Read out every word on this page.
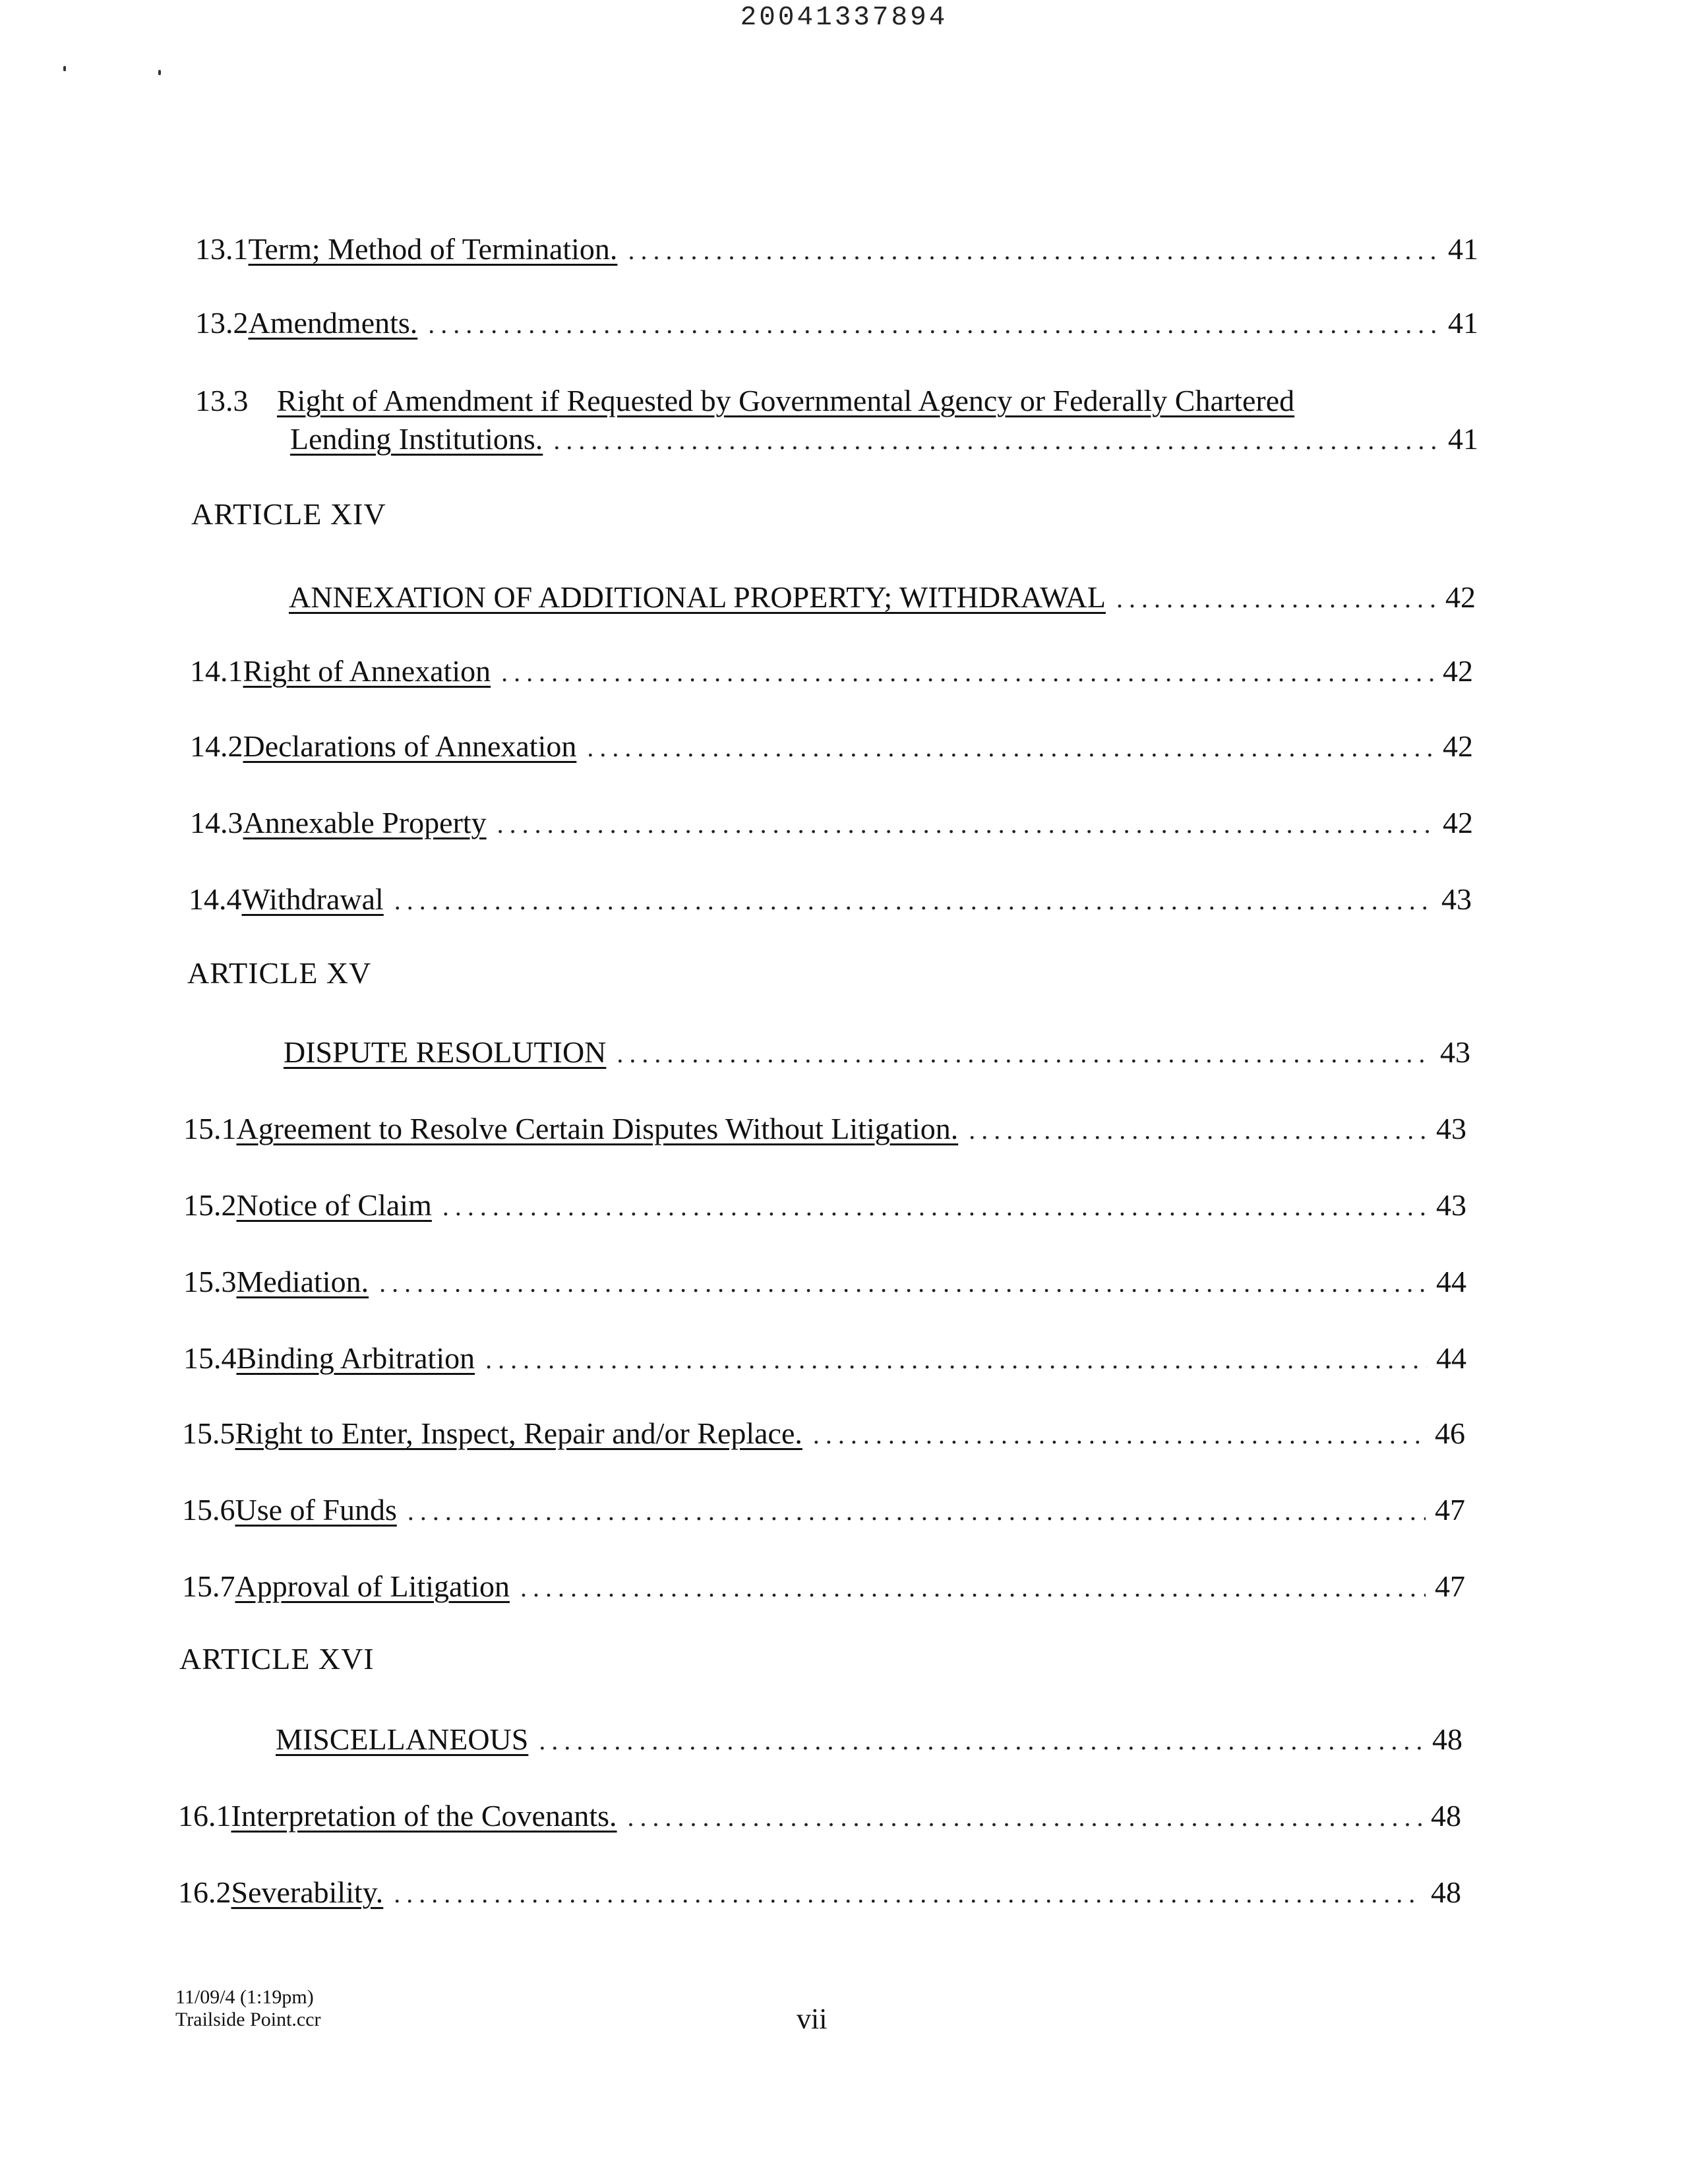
20041337894
13.1 Term; Method of Termination. .....	41
13.2 Amendments. .....	41
13.3 Right of Amendment if Requested by Governmental Agency or Federally Chartered
Lending Institutions. .....	41
ARTICLE XIV
ANNEXATION OF ADDITIONAL PROPERTY; WITHDRAWAL .....	42
14.1 Right of Annexation .....	42
14.2 Declarations of Annexation .....	42
14.3 Annexable Property .....	42
14.4 Withdrawal .....	43
ARTICLE XV
DISPUTE RESOLUTION .....	43
15.1 Agreement to Resolve Certain Disputes Without Litigation. .....	43
15.2 Notice of Claim .....	43
15.3 Mediation. .....	44
15.4 Binding Arbitration .....	44
15.5 Right to Enter, Inspect, Repair and/or Replace. .....	46
15.6 Use of Funds .....	47
15.7 Approval of Litigation .....	47
ARTICLE XVI
MISCELLANEOUS .....	48
16.1 Interpretation of the Covenants. .....	48
16.2 Severability. .....	48
11/09/4 (1:19pm)
Trailside Point.ccr	vii
